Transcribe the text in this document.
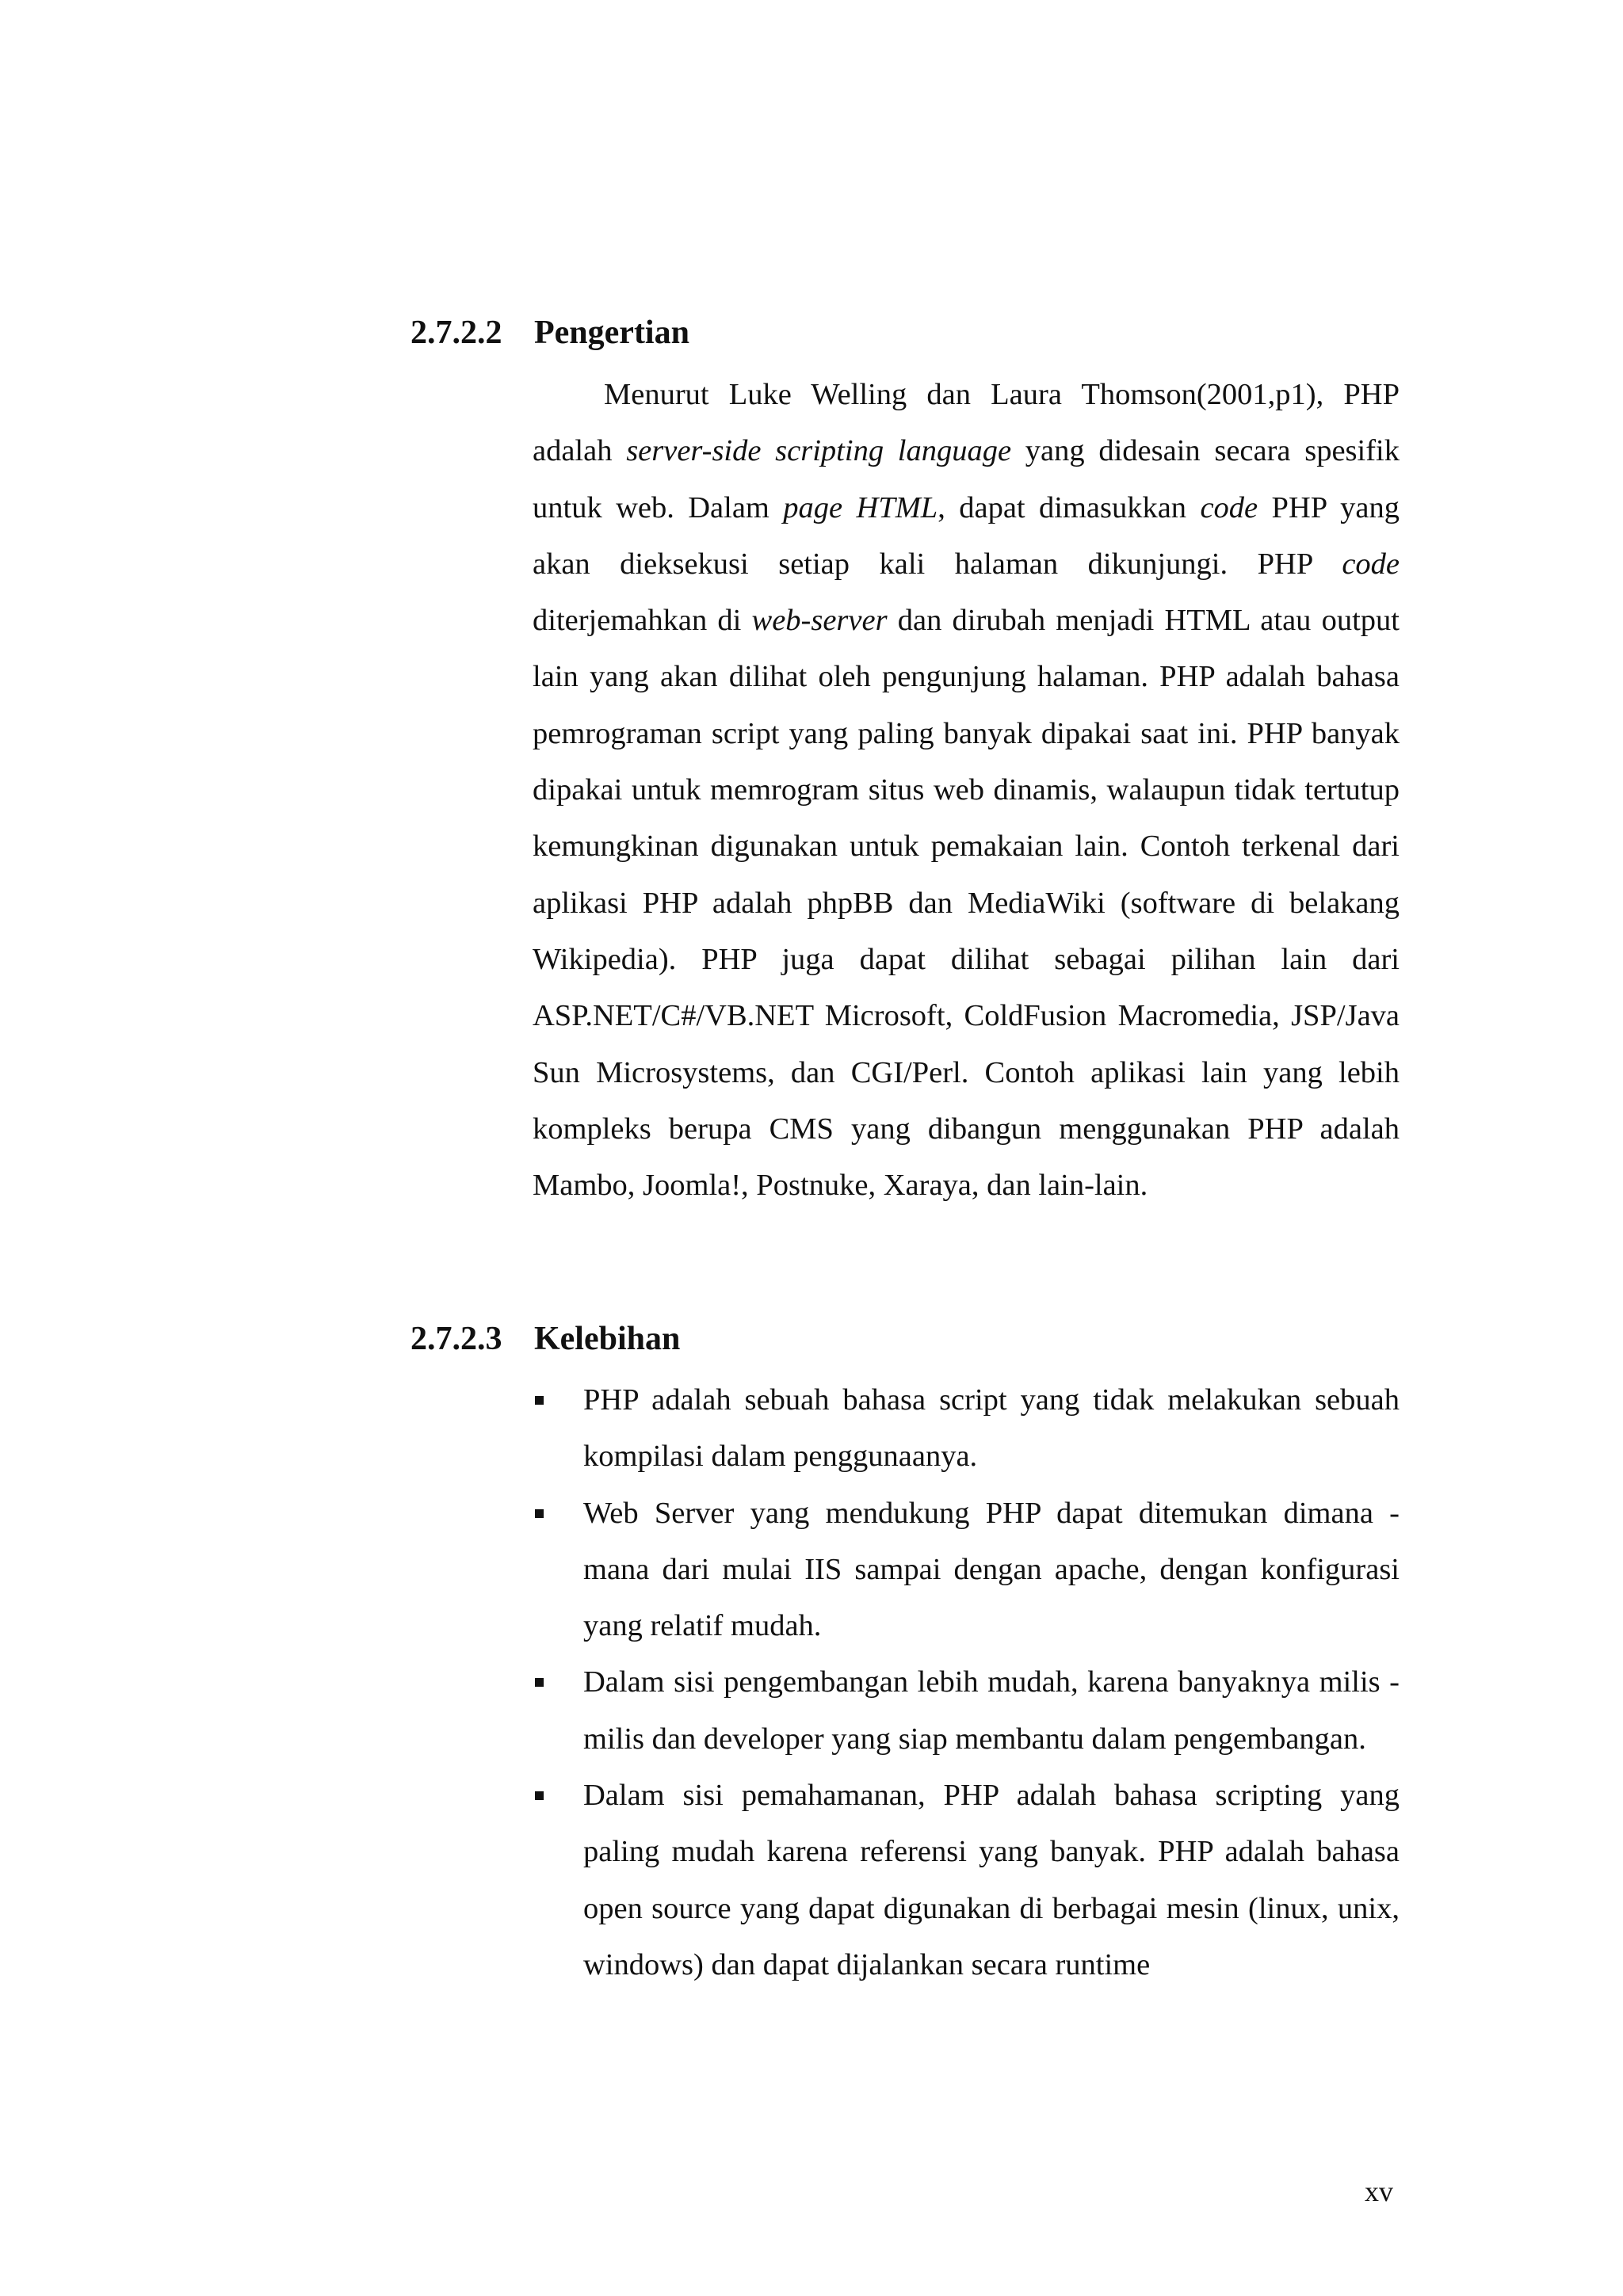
2.7.2.2 Pengertian

Menurut Luke Welling dan Laura Thomson(2001,p1), PHP adalah server-side scripting language yang didesain secara spesifik untuk web. Dalam page HTML, dapat dimasukkan code PHP yang akan dieksekusi setiap kali halaman dikunjungi. PHP code diterjemahkan di web-server dan dirubah menjadi HTML atau output lain yang akan dilihat oleh pengunjung halaman. PHP adalah bahasa pemrograman script yang paling banyak dipakai saat ini. PHP banyak dipakai untuk memrogram situs web dinamis, walaupun tidak tertutup kemungkinan digunakan untuk pemakaian lain. Contoh terkenal dari aplikasi PHP adalah phpBB dan MediaWiki (software di belakang Wikipedia). PHP juga dapat dilihat sebagai pilihan lain dari ASP.NET/C#/VB.NET Microsoft, ColdFusion Macromedia, JSP/Java Sun Microsystems, dan CGI/Perl. Contoh aplikasi lain yang lebih kompleks berupa CMS yang dibangun menggunakan PHP adalah Mambo, Joomla!, Postnuke, Xaraya, dan lain-lain.

2.7.2.3 Kelebihan
PHP adalah sebuah bahasa script yang tidak melakukan sebuah kompilasi dalam penggunaanya.
Web Server yang mendukung PHP dapat ditemukan dimana - mana dari mulai IIS sampai dengan apache, dengan konfigurasi yang relatif mudah.
Dalam sisi pengembangan lebih mudah, karena banyaknya milis - milis dan developer yang siap membantu dalam pengembangan.
Dalam sisi pemahamanan, PHP adalah bahasa scripting yang paling mudah karena referensi yang banyak. PHP adalah bahasa open source yang dapat digunakan di berbagai mesin (linux, unix, windows) dan dapat dijalankan secara runtime
xv
